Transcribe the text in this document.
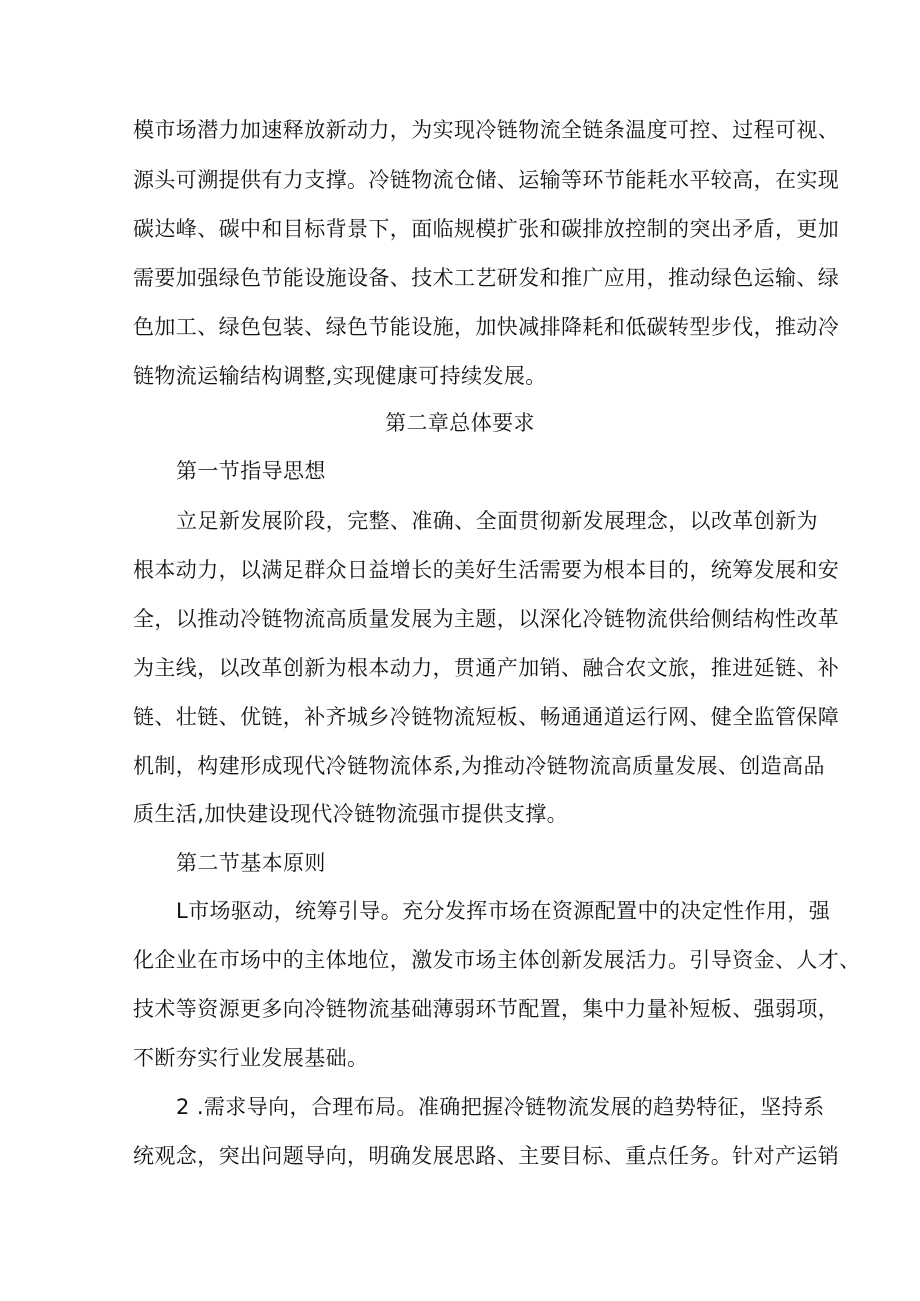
模市场潜力加速释放新动力，为实现冷链物流全链条温度可控、过程可视、
源头可溯提供有力支撑。冷链物流仓储、运输等环节能耗水平较高，在实现
碳达峰、碳中和目标背景下，面临规模扩张和碳排放控制的突出矛盾，更加
需要加强绿色节能设施设备、技术工艺研发和推广应用，推动绿色运输、绿
色加工、绿色包装、绿色节能设施，加快减排降耗和低碳转型步伐，推动冷
链物流运输结构调整,实现健康可持续发展。
第二章总体要求
第一节指导思想
立足新发展阶段，完整、准确、全面贯彻新发展理念，以改革创新为
根本动力，以满足群众日益增长的美好生活需要为根本目的，统筹发展和安
全，以推动冷链物流高质量发展为主题，以深化冷链物流供给侧结构性改革
为主线，以改革创新为根本动力，贯通产加销、融合农文旅，推进延链、补
链、壮链、优链，补齐城乡冷链物流短板、畅通通道运行网、健全监管保障
机制，构建形成现代冷链物流体系,为推动冷链物流高质量发展、创造高品
质生活,加快建设现代冷链物流强市提供支撑。
第二节基本原则
L市场驱动，统筹引导。充分发挥市场在资源配置中的决定性作用，强
化企业在市场中的主体地位，激发市场主体创新发展活力。引导资金、人才、
技术等资源更多向冷链物流基础薄弱环节配置，集中力量补短板、强弱项，
不断夯实行业发展基础。
2 .需求导向，合理布局。准确把握冷链物流发展的趋势特征，坚持系
统观念，突出问题导向，明确发展思路、主要目标、重点任务。针对产运销
